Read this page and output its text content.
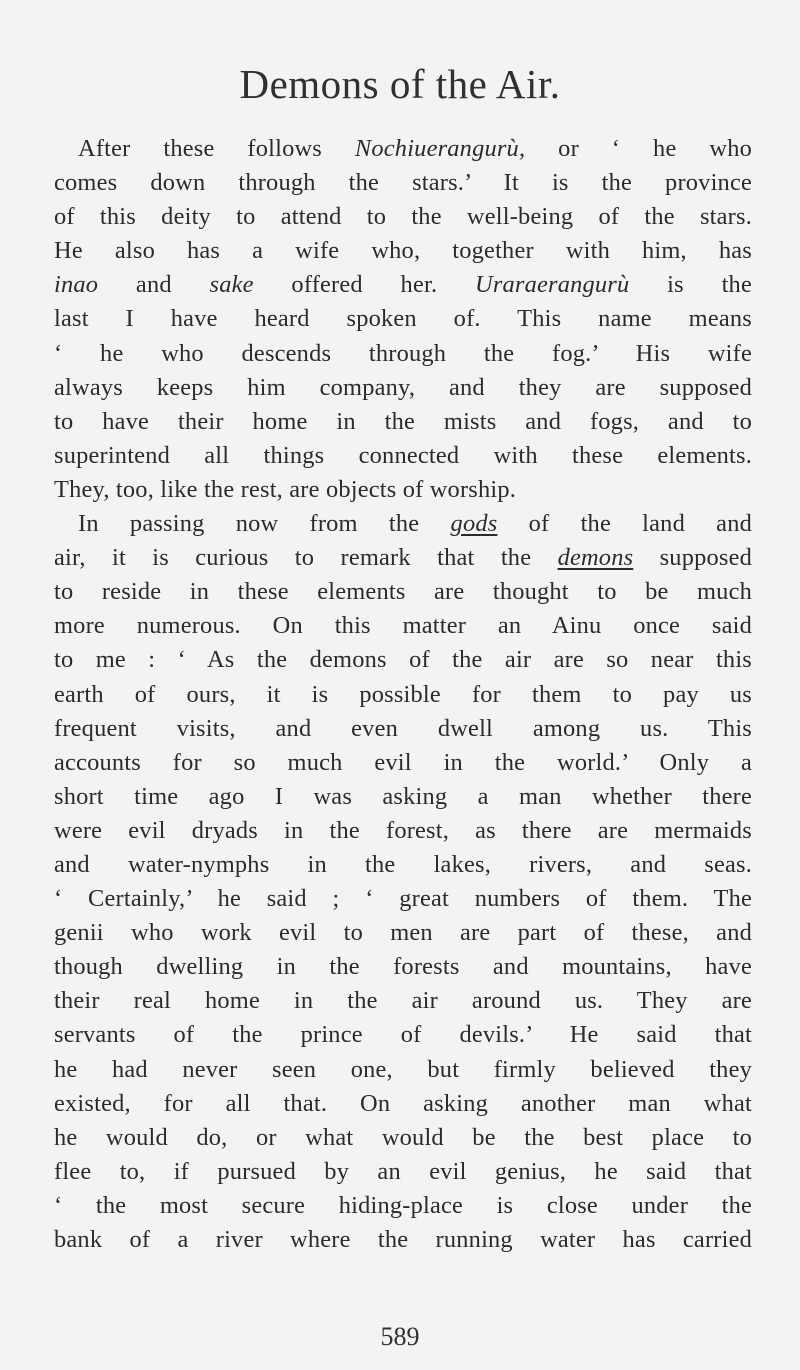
Demons of the Air.
After these follows Nochiuerangurù, or ‘ he who
comes down through the stars.’ It is the province
of this deity to attend to the well-being of the stars.
He also has a wife who, together with him, has
inao and sake offered her. Uraraerangurù is the
last I have heard spoken of. This name means
‘ he who descends through the fog.’ His wife
always keeps him company, and they are supposed
to have their home in the mists and fogs, and to
superintend all things connected with these elements.
They, too, like the rest, are objects of worship.
In passing now from the gods of the land and
air, it is curious to remark that the demons supposed
to reside in these elements are thought to be much
more numerous. On this matter an Ainu once said
to me : ‘ As the demons of the air are so near this
earth of ours, it is possible for them to pay us
frequent visits, and even dwell among us. This
accounts for so much evil in the world.’ Only a
short time ago I was asking a man whether there
were evil dryads in the forest, as there are mermaids
and water-nymphs in the lakes, rivers, and seas.
‘ Certainly,’ he said ; ‘ great numbers of them. The
genii who work evil to men are part of these, and
though dwelling in the forests and mountains, have
their real home in the air around us. They are
servants of the prince of devils.’ He said that
he had never seen one, but firmly believed they
existed, for all that. On asking another man what
he would do, or what would be the best place to
flee to, if pursued by an evil genius, he said that
‘ the most secure hiding-place is close under the
bank of a river where the running water has carried
589
